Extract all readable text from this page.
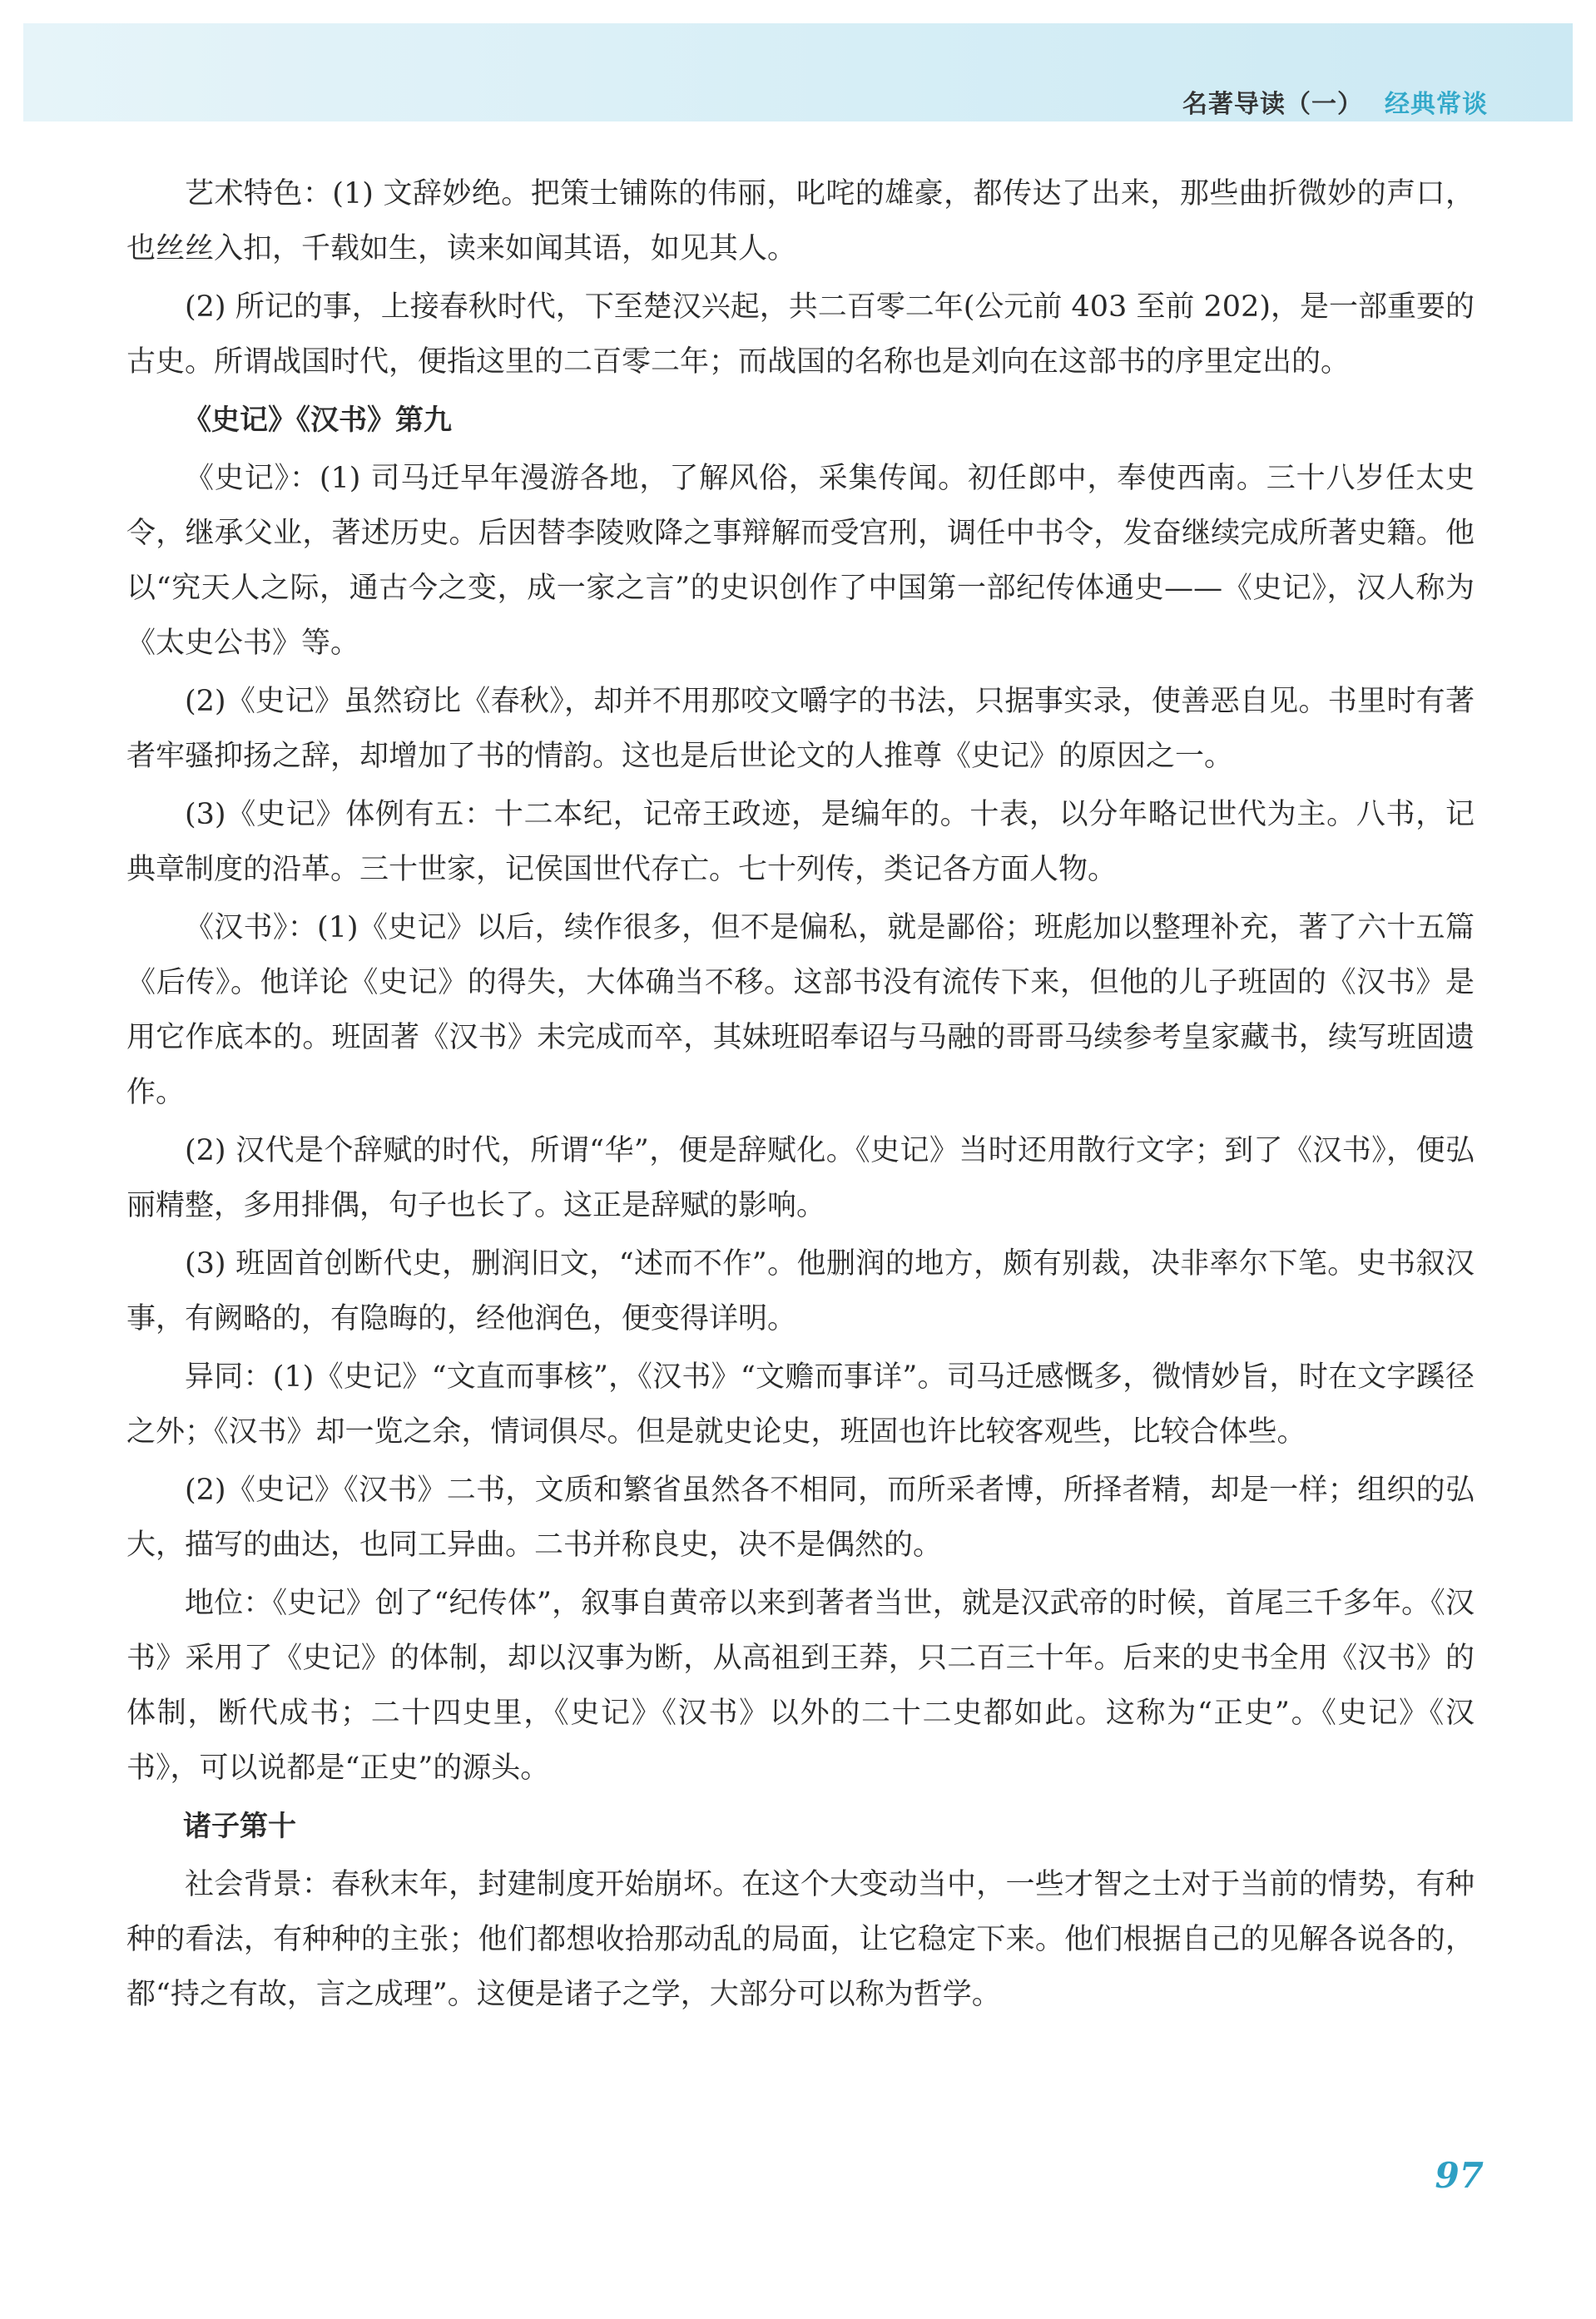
名著导读（一） 经典常谈

艺术特色：(1) 文辞妙绝。把策士铺陈的伟丽，叱咤的雄豪，都传达了出来，那些曲折微妙的声口，也丝丝入扣，千载如生，读来如闻其语，如见其人。

(2) 所记的事，上接春秋时代，下至楚汉兴起，共二百零二年(公元前 403 至前 202)，是一部重要的古史。所谓战国时代，便指这里的二百零二年；而战国的名称也是刘向在这部书的序里定出的。

《史记》《汉书》第九

《史记》：(1) 司马迁早年漫游各地，了解风俗，采集传闻。初任郎中，奉使西南。三十八岁任太史令，继承父业，著述历史。后因替李陵败降之事辩解而受宫刑，调任中书令，发奋继续完成所著史籍。他以“究天人之际，通古今之变，成一家之言”的史识创作了中国第一部纪传体通史——《史记》，汉人称为《太史公书》等。

(2)《史记》虽然窃比《春秋》，却并不用那咬文嚼字的书法，只据事实录，使善恶自见。书里时有著者牢骚抑扬之辞，却增加了书的情韵。这也是后世论文的人推尊《史记》的原因之一。

(3)《史记》体例有五：十二本纪，记帝王政迹，是编年的。十表，以分年略记世代为主。八书，记典章制度的沿革。三十世家，记侯国世代存亡。七十列传，类记各方面人物。

《汉书》：(1)《史记》以后，续作很多，但不是偏私，就是鄙俗；班彪加以整理补充，著了六十五篇《后传》。他详论《史记》的得失，大体确当不移。这部书没有流传下来，但他的儿子班固的《汉书》是用它作底本的。班固著《汉书》未完成而卒，其妹班昭奉诏与马融的哥哥马续参考皇家藏书，续写班固遗作。

(2) 汉代是个辞赋的时代，所谓“华”，便是辞赋化。《史记》当时还用散行文字；到了《汉书》，便弘丽精整，多用排偶，句子也长了。这正是辞赋的影响。

(3) 班固首创断代史，删润旧文，“述而不作”。他删润的地方，颇有别裁，决非率尔下笔。史书叙汉事，有阙略的，有隐晦的，经他润色，便变得详明。

异同：(1)《史记》“文直而事核”，《汉书》“文赡而事详”。司马迁感慨多，微情妙旨，时在文字蹊径之外；《汉书》却一览之余，情词俱尽。但是就史论史，班固也许比较客观些，比较合体些。

(2)《史记》《汉书》二书，文质和繁省虽然各不相同，而所采者博，所择者精，却是一样；组织的弘大，描写的曲达，也同工异曲。二书并称良史，决不是偶然的。

地位：《史记》创了“纪传体”，叙事自黄帝以来到著者当世，就是汉武帝的时候，首尾三千多年。《汉书》采用了《史记》的体制，却以汉事为断，从高祖到王莽，只二百三十年。后来的史书全用《汉书》的体制，断代成书；二十四史里，《史记》《汉书》以外的二十二史都如此。这称为“正史”。《史记》《汉书》，可以说都是“正史”的源头。

诸子第十

社会背景：春秋末年，封建制度开始崩坏。在这个大变动当中，一些才智之士对于当前的情势，有种种的看法，有种种的主张；他们都想收拾那动乱的局面，让它稳定下来。他们根据自己的见解各说各的，都“持之有故，言之成理”。这便是诸子之学，大部分可以称为哲学。

97
